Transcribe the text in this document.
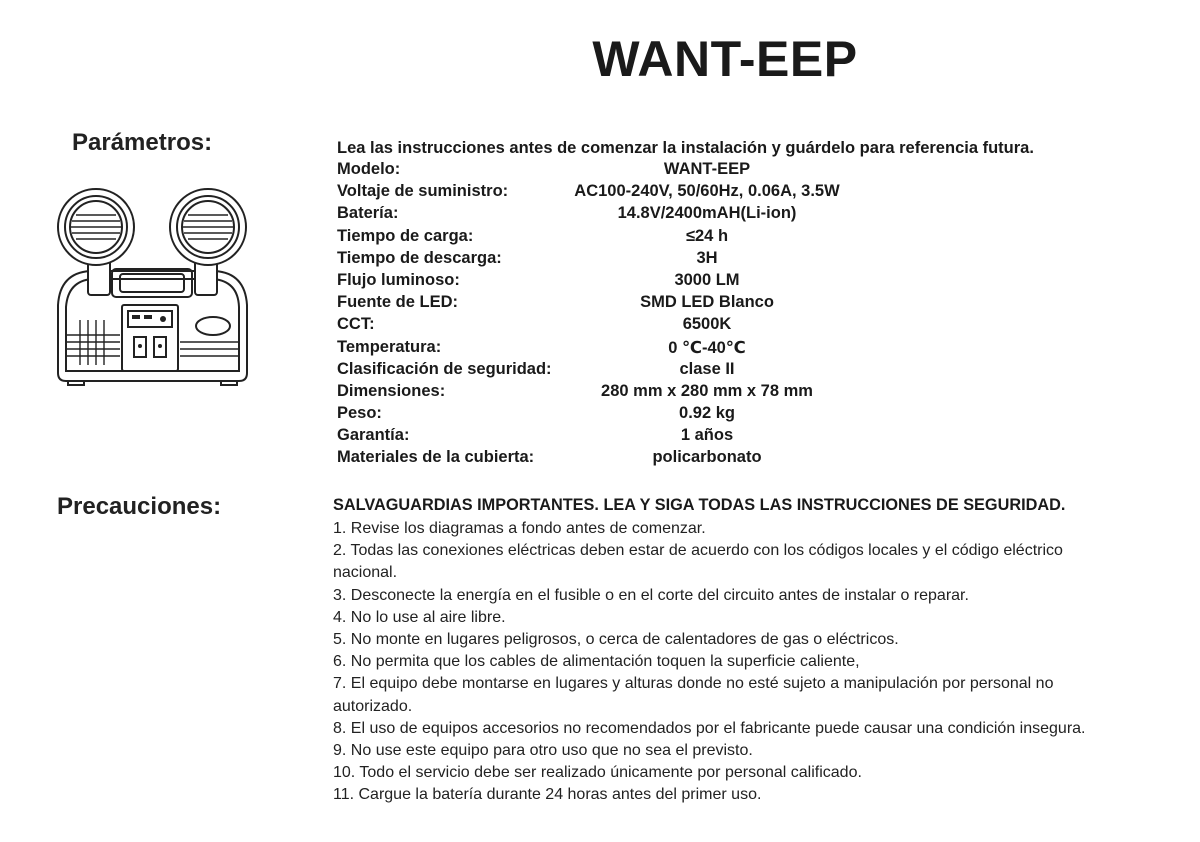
WANT-EEP
Parámetros:
Precauciones:
Lea las instrucciones antes de comenzar la instalación y guárdelo para referencia futura.
Modelo:	WANT-EEP
Voltaje de suministro:	AC100-240V, 50/60Hz, 0.06A, 3.5W
Batería:	14.8V/2400mAH(Li-ion)
Tiempo de carga:	≤24 h
Tiempo de descarga:	3H
Flujo luminoso:	3000 LM
Fuente de LED:	SMD LED Blanco
CCT:	6500K
Temperatura:	0 ℃-40℃
Clasificación de seguridad:	clase II
Dimensiones:	280 mm x 280 mm x 78 mm
Peso:	0.92 kg
Garantía:	1 años
Materiales de la cubierta:	policarbonato
SALVAGUARDIAS IMPORTANTES. LEA Y SIGA TODAS LAS INSTRUCCIONES DE SEGURIDAD.
1. Revise los diagramas a fondo antes de comenzar.
2. Todas las conexiones eléctricas deben estar de acuerdo con los códigos locales y el código eléctrico nacional.
3. Desconecte la energía en el fusible o en el corte del circuito antes de instalar o reparar.
4. No lo use al aire libre.
5. No monte en lugares peligrosos, o cerca de calentadores de gas o eléctricos.
6. No permita que los cables de alimentación toquen la superficie caliente,
7. El equipo debe montarse en lugares y alturas donde no esté sujeto a manipulación por personal no autorizado.
8. El uso de equipos accesorios no recomendados por el fabricante puede causar una condición insegura.
9. No use este equipo para otro uso que no sea el previsto.
10. Todo el servicio debe ser realizado únicamente por personal calificado.
11. Cargue la batería durante 24 horas antes del primer uso.
